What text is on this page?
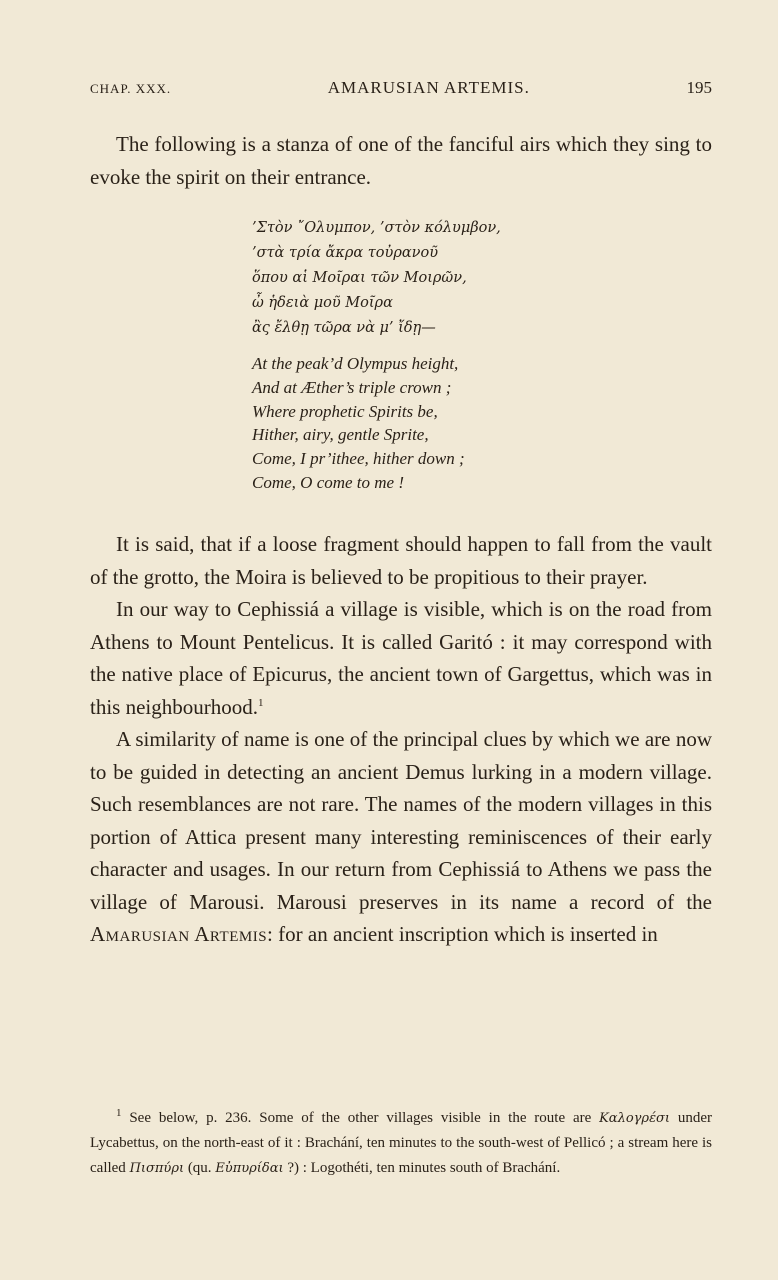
CHAP. XXX.	AMARUSIAN ARTEMIS.	195

The following is a stanza of one of the fanciful airs which they sing to evoke the spirit on their entrance.

’Στὸν ῎Ολυμπον, ’στὸν κόλυμβον,
’στὰ τρία ἄκρα τοὐρανοῦ
ὅπου αἱ Μοῖραι τῶν Μοιρῶν,
ὦ ἡδειὰ μοῦ Μοῖρα
ἂς ἔλθῃ τῶρα νὰ μ’ ἴδῃ—
At the peak’d Olympus height,
And at Æther’s triple crown ;
Where prophetic Spirits be,
Hither, airy, gentle Sprite,
Come, I pr’ithee, hither down ;
Come, O come to me !

It is said, that if a loose fragment should happen to fall from the vault of the grotto, the Moira is believed to be propitious to their prayer.

In our way to Cephissiá a village is visible, which is on the road from Athens to Mount Pentelicus. It is called Garitó : it may correspond with the native place of Epicurus, the ancient town of Gargettus, which was in this neighbourhood.$^1$

A similarity of name is one of the principal clues by which we are now to be guided in detecting an ancient Demus lurking in a modern village. Such resemblances are not rare. The names of the modern villages in this portion of Attica present many interesting reminiscences of their early character and usages. In our return from Cephissiá to Athens we pass the village of Marousi. Marousi preserves in its name a record of the Amarusian Artemis: for an ancient inscription which is inserted in

$^1$ See below, p. 236. Some of the other villages visible in the route are Καλογρέσι under Lycabettus, on the north-east of it : Brachání, ten minutes to the south-west of Pellicó ; a stream here is called Πισπύρι (qu. Εὐπυρίδαι ?) : Logothéti, ten minutes south of Brachání.
